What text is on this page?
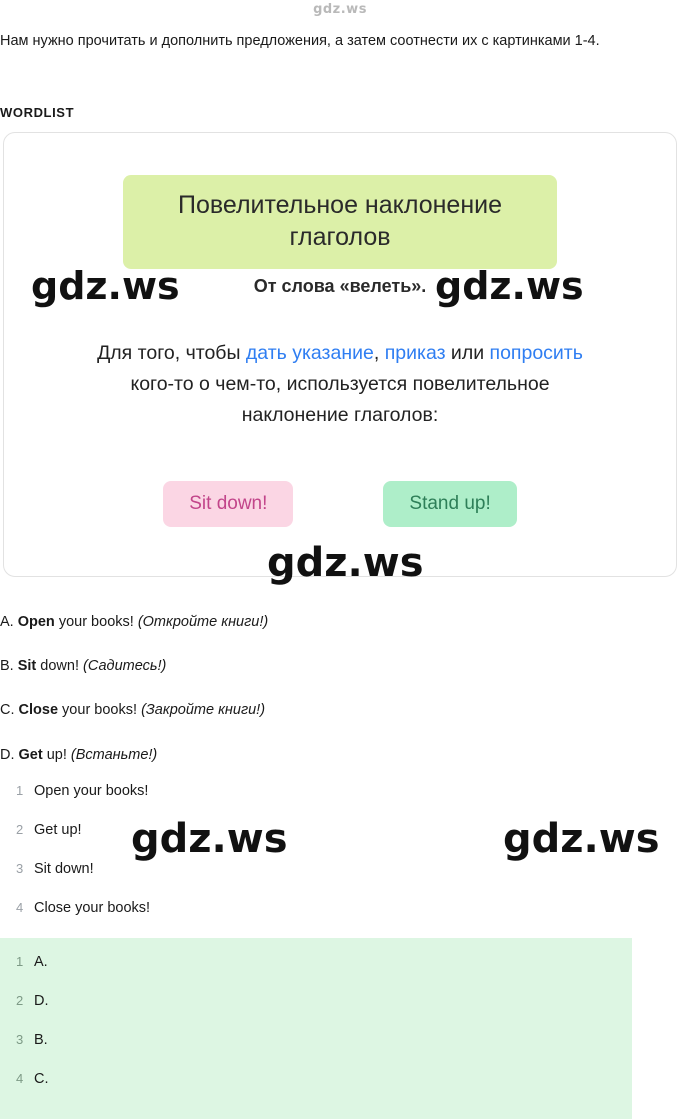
gdz.ws
Нам нужно прочитать и дополнить предложения, а затем соотнести их с картинками 1-4.
WORDLIST
Повелительное наклонение глаголов
От слова «велеть».
Для того, чтобы дать указание, приказ или попросить кого-то о чем-то, используется повелительное наклонение глаголов:
Sit down!	Stand up!
gdz.ws	gdz.ws
gdz.ws
gdz.ws	gdz.ws
A. Open your books! (Откройте книги!)
B. Sit down! (Садитесь!)
C. Close your books! (Закройте книги!)
D. Get up! (Встаньте!)
1 Open your books!
2 Get up!
3 Sit down!
4 Close your books!
1 A.
2 D.
3 B.
4 C.
